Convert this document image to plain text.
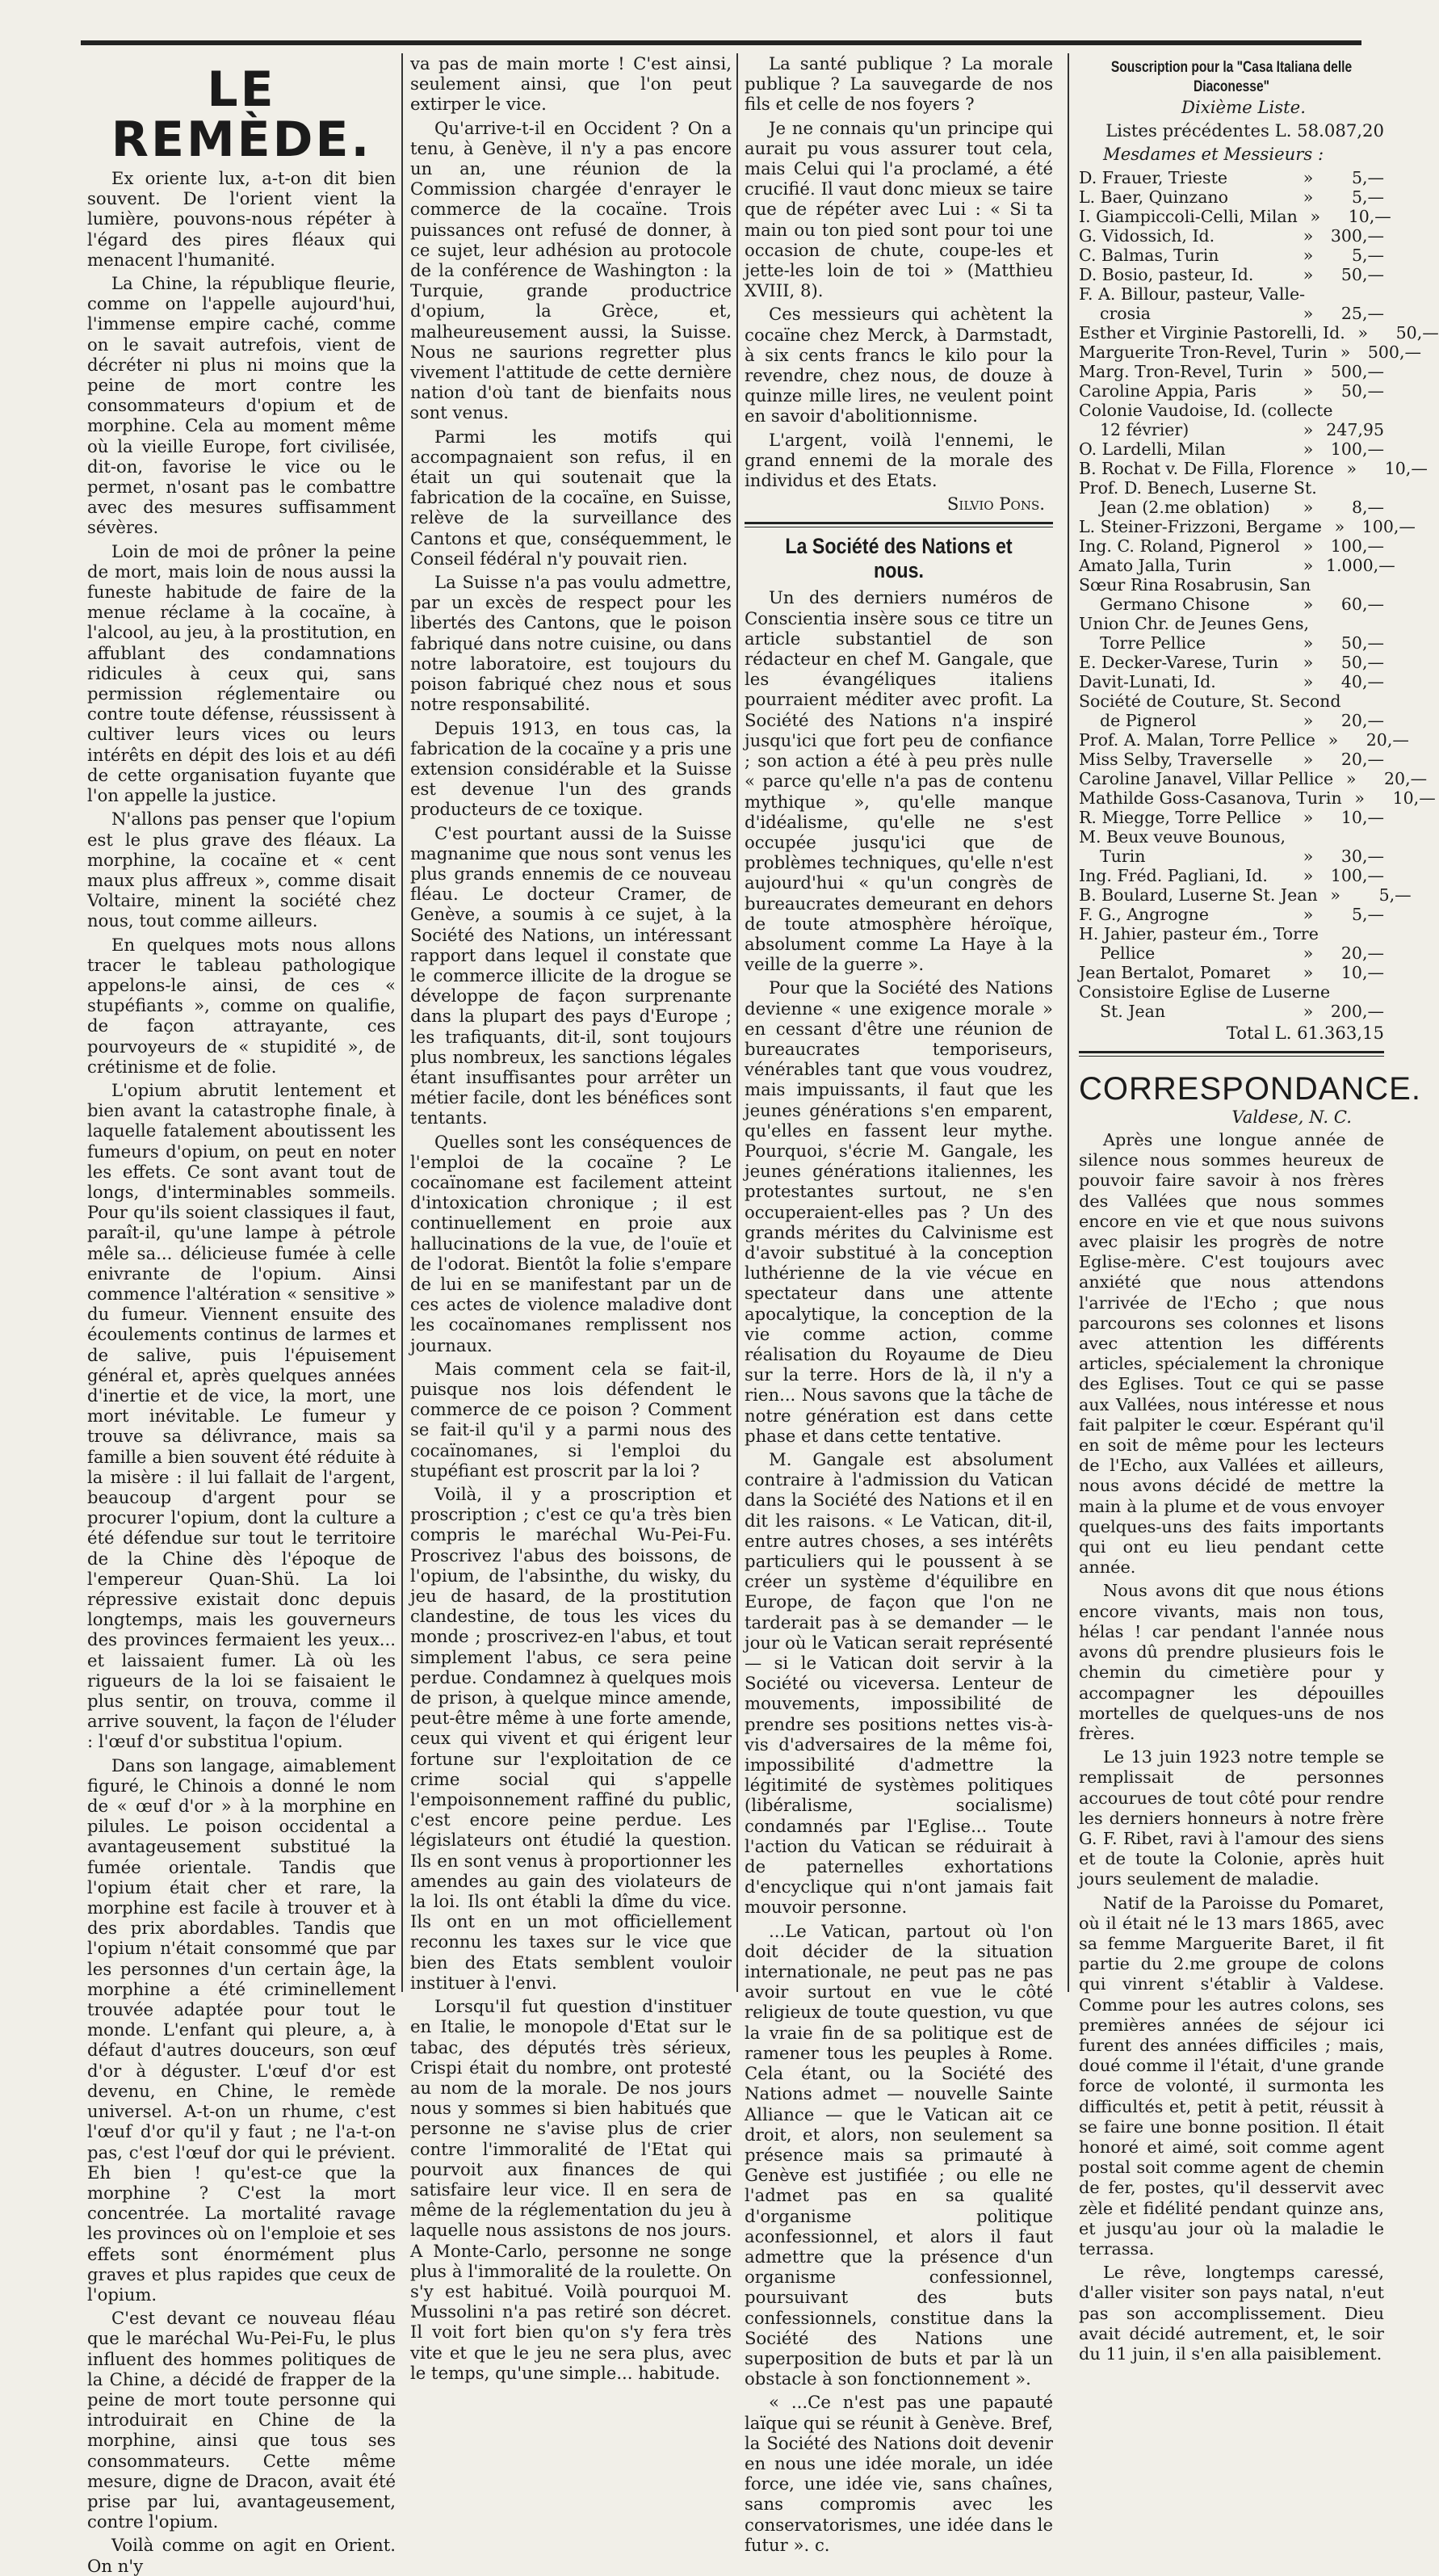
LE REMÈDE.

Ex oriente lux, a-t-on dit bien souvent. De l'orient vient la lumière, pouvons-nous répéter à l'égard des pires fléaux qui menacent l'humanité.

La Chine, la république fleurie, comme on l'appelle aujourd'hui, l'immense empire caché, comme on le savait autrefois, vient de décréter ni plus ni moins que la peine de mort contre les consommateurs d'opium et de morphine. Cela au moment même où la vieille Europe, fort civilisée, dit-on, favorise le vice ou le permet, n'osant pas le combattre avec des mesures suffisamment sévères.

Loin de moi de prôner la peine de mort, mais loin de nous aussi la funeste habitude de faire de la menue réclame à la cocaïne, à l'alcool, au jeu, à la prostitution, en affublant des condamnations ridicules à ceux qui, sans permission réglementaire ou contre toute défense, réussissent à cultiver leurs vices ou leurs intérêts en dépit des lois et au défi de cette organisation fuyante que l'on appelle la justice.

N'allons pas penser que l'opium est le plus grave des fléaux. La morphine, la cocaïne et « cent maux plus affreux », comme disait Voltaire, minent la société chez nous, tout comme ailleurs.

En quelques mots nous allons tracer le tableau pathologique appelons-le ainsi, de ces « stupéfiants », comme on qualifie, de façon attrayante, ces pourvoyeurs de « stupidité », de crétinisme et de folie.

L'opium abrutit lentement et bien avant la catastrophe finale, à laquelle fatalement aboutissent les fumeurs d'opium, on peut en noter les effets. Ce sont avant tout de longs, d'interminables sommeils. Pour qu'ils soient classiques il faut, paraît-il, qu'une lampe à pétrole mêle sa... délicieuse fumée à celle enivrante de l'opium. Ainsi commence l'altération « sensitive » du fumeur. Viennent ensuite des écoulements continus de larmes et de salive, puis l'épuisement général et, après quelques années d'inertie et de vice, la mort, une mort inévitable. Le fumeur y trouve sa délivrance, mais sa famille a bien souvent été réduite à la misère : il lui fallait de l'argent, beaucoup d'argent pour se procurer l'opium, dont la culture a été défendue sur tout le territoire de la Chine dès l'époque de l'empereur Quan-Shü. La loi répressive existait donc depuis longtemps, mais les gouverneurs des provinces fermaient les yeux... et laissaient fumer. Là où les rigueurs de la loi se faisaient le plus sentir, on trouva, comme il arrive souvent, la façon de l'éluder : l'œuf d'or substitua l'opium.

Dans son langage, aimablement figuré, le Chinois a donné le nom de « œuf d'or » à la morphine en pilules. Le poison occidental a avantageusement substitué la fumée orientale. Tandis que l'opium était cher et rare, la morphine est facile à trouver et à des prix abordables. Tandis que l'opium n'était consommé que par les personnes d'un certain âge, la morphine a été criminellement trouvée adaptée pour tout le monde. L'enfant qui pleure, a, à défaut d'autres douceurs, son œuf d'or à déguster. L'œuf d'or est devenu, en Chine, le remède universel. A-t-on un rhume, c'est l'œuf d'or qu'il y faut ; ne l'a-t-on pas, c'est l'œuf dor qui le prévient. Eh bien ! qu'est-ce que la morphine ? C'est la mort concentrée. La mortalité ravage les provinces où on l'emploie et ses effets sont énormément plus graves et plus rapides que ceux de l'opium.

C'est devant ce nouveau fléau que le maréchal Wu-Pei-Fu, le plus influent des hommes politiques de la Chine, a décidé de frapper de la peine de mort toute personne qui introduirait en Chine de la morphine, ainsi que tous ses consommateurs. Cette même mesure, digne de Dracon, avait été prise par lui, avantageusement, contre l'opium.

Voilà comme on agit en Orient. On n'y

va pas de main morte ! C'est ainsi, seulement ainsi, que l'on peut extirper le vice.

Qu'arrive-t-il en Occident ? On a tenu, à Genève, il n'y a pas encore un an, une réunion de la Commission chargée d'enrayer le commerce de la cocaïne. Trois puissances ont refusé de donner, à ce sujet, leur adhésion au protocole de la conférence de Washington : la Turquie, grande productrice d'opium, la Grèce, et, malheureusement aussi, la Suisse. Nous ne saurions regretter plus vivement l'attitude de cette dernière nation d'où tant de bienfaits nous sont venus.

Parmi les motifs qui accompagnaient son refus, il en était un qui soutenait que la fabrication de la cocaïne, en Suisse, relève de la surveillance des Cantons et que, conséquemment, le Conseil fédéral n'y pouvait rien.

La Suisse n'a pas voulu admettre, par un excès de respect pour les libertés des Cantons, que le poison fabriqué dans notre cuisine, ou dans notre laboratoire, est toujours du poison fabriqué chez nous et sous notre responsabilité.

Depuis 1913, en tous cas, la fabrication de la cocaïne y a pris une extension considérable et la Suisse est devenue l'un des grands producteurs de ce toxique.

C'est pourtant aussi de la Suisse magnanime que nous sont venus les plus grands ennemis de ce nouveau fléau. Le docteur Cramer, de Genève, a soumis à ce sujet, à la Société des Nations, un intéressant rapport dans lequel il constate que le commerce illicite de la drogue se développe de façon surprenante dans la plupart des pays d'Europe ; les trafiquants, dit-il, sont toujours plus nombreux, les sanctions légales étant insuffisantes pour arrêter un métier facile, dont les bénéfices sont tentants.

Quelles sont les conséquences de l'emploi de la cocaïne ? Le cocaïnomane est facilement atteint d'intoxication chronique ; il est continuellement en proie aux hallucinations de la vue, de l'ouïe et de l'odorat. Bientôt la folie s'empare de lui en se manifestant par un de ces actes de violence maladive dont les cocaïnomanes remplissent nos journaux.

Mais comment cela se fait-il, puisque nos lois défendent le commerce de ce poison ? Comment se fait-il qu'il y a parmi nous des cocaïnomanes, si l'emploi du stupéfiant est proscrit par la loi ?

Voilà, il y a proscription et proscription ; c'est ce qu'a très bien compris le maréchal Wu-Pei-Fu. Proscrivez l'abus des boissons, de l'opium, de l'absinthe, du wisky, du jeu de hasard, de la prostitution clandestine, de tous les vices du monde ; proscrivez-en l'abus, et tout simplement l'abus, ce sera peine perdue. Condamnez à quelques mois de prison, à quelque mince amende, peut-être même à une forte amende, ceux qui vivent et qui érigent leur fortune sur l'exploitation de ce crime social qui s'appelle l'empoisonnement raffiné du public, c'est encore peine perdue. Les législateurs ont étudié la question. Ils en sont venus à proportionner les amendes au gain des violateurs de la loi. Ils ont établi la dîme du vice. Ils ont en un mot officiellement reconnu les taxes sur le vice que bien des Etats semblent vouloir instituer à l'envi.

Lorsqu'il fut question d'instituer en Italie, le monopole d'Etat sur le tabac, des députés très sérieux, Crispi était du nombre, ont protesté au nom de la morale. De nos jours nous y sommes si bien habitués que personne ne s'avise plus de crier contre l'immoralité de l'Etat qui pourvoit aux finances de qui satisfaire leur vice. Il en sera de même de la réglementation du jeu à laquelle nous assistons de nos jours. A Monte-Carlo, personne ne songe plus à l'immoralité de la roulette. On s'y est habitué. Voilà pourquoi M. Mussolini n'a pas retiré son décret. Il voit fort bien qu'on s'y fera très vite et que le jeu ne sera plus, avec le temps, qu'une simple... habitude.

La santé publique ? La morale publique ? La sauvegarde de nos fils et celle de nos foyers ?

Je ne connais qu'un principe qui aurait pu vous assurer tout cela, mais Celui qui l'a proclamé, a été crucifié. Il vaut donc mieux se taire que de répéter avec Lui : « Si ta main ou ton pied sont pour toi une occasion de chute, coupe-les et jette-les loin de toi » (Matthieu XVIII, 8).

Ces messieurs qui achètent la cocaïne chez Merck, à Darmstadt, à six cents francs le kilo pour la revendre, chez nous, de douze à quinze mille lires, ne veulent point en savoir d'abolitionnisme.

L'argent, voilà l'ennemi, le grand ennemi de la morale des individus et des Etats.

Silvio Pons.
La Société des Nations et nous.

Un des derniers numéros de Conscientia insère sous ce titre un article substantiel de son rédacteur en chef M. Gangale, que les évangéliques italiens pourraient méditer avec profit. La Société des Nations n'a inspiré jusqu'ici que fort peu de confiance ; son action a été à peu près nulle « parce qu'elle n'a pas de contenu mythique », qu'elle manque d'idéalisme, qu'elle ne s'est occupée jusqu'ici que de problèmes techniques, qu'elle n'est aujourd'hui « qu'un congrès de bureaucrates demeurant en dehors de toute atmosphère héroïque, absolument comme La Haye à la veille de la guerre ».

Pour que la Société des Nations devienne « une exigence morale » en cessant d'être une réunion de bureaucrates temporiseurs, vénérables tant que vous voudrez, mais impuissants, il faut que les jeunes générations s'en emparent, qu'elles en fassent leur mythe. Pourquoi, s'écrie M. Gangale, les jeunes générations italiennes, les protestantes surtout, ne s'en occuperaient-elles pas ? Un des grands mérites du Calvinisme est d'avoir substitué à la conception luthérienne de la vie vécue en spectateur dans une attente apocalytique, la conception de la vie comme action, comme réalisation du Royaume de Dieu sur la terre. Hors de là, il n'y a rien... Nous savons que la tâche de notre génération est dans cette phase et dans cette tentative.

M. Gangale est absolument contraire à l'admission du Vatican dans la Société des Nations et il en dit les raisons. « Le Vatican, dit-il, entre autres choses, a ses intérêts particuliers qui le poussent à se créer un système d'équilibre en Europe, de façon que l'on ne tarderait pas à se demander — le jour où le Vatican serait représenté — si le Vatican doit servir à la Société ou viceversa. Lenteur de mouvements, impossibilité de prendre ses positions nettes vis-à-vis d'adversaires de la même foi, impossibilité d'admettre la légitimité de systèmes politiques (libéralisme, socialisme) condamnés par l'Eglise... Toute l'action du Vatican se réduirait à de paternelles exhortations d'encyclique qui n'ont jamais fait mouvoir personne.

...Le Vatican, partout où l'on doit décider de la situation internationale, ne peut pas ne pas avoir surtout en vue le côté religieux de toute question, vu que la vraie fin de sa politique est de ramener tous les peuples à Rome. Cela étant, ou la Société des Nations admet — nouvelle Sainte Alliance — que le Vatican ait ce droit, et alors, non seulement sa présence mais sa primauté à Genève est justifiée ; ou elle ne l'admet pas en sa qualité d'organisme politique aconfessionnel, et alors il faut admettre que la présence d'un organisme confessionnel, poursuivant des buts confessionnels, constitue dans la Société des Nations une superposition de buts et par là un obstacle à son fonctionnement ».

« ...Ce n'est pas une papauté laïque qui se réunit à Genève. Bref, la Société des Nations doit devenir en nous une idée morale, un idée force, une idée vie, sans chaînes, sans compromis avec les conservatorismes, une idée dans le futur ». c.

Souscription pour la "Casa Italiana delle Diaconesse"

Dixième Liste.

Listes précédentes L. 58.087,20

Mesdames et Messieurs :

D. Frauer, Trieste	»	5,—
L. Baer, Quinzano	»	5,—
I. Giampiccoli-Celli, Milan »	10,—
G. Vidossich, Id.	»	300,—
C. Balmas, Turin	»	5,—
D. Bosio, pasteur, Id.	»	50,—
F. A. Billour, pasteur, Valle-
crosia	»	25,—
Esther et Virginie Pastorelli, Id. »	50,—
Marguerite Tron-Revel, Turin »	500,—
Marg. Tron-Revel, Turin	»	500,—
Caroline Appia, Paris	»	50,—
Colonie Vaudoise, Id. (collecte
12 février)	» 247,95
O. Lardelli, Milan	»	100,—
B. Rochat v. De Filla, Florence »	10,—
Prof. D. Benech, Luserne St.
Jean (2.me oblation)	»	8,—
L. Steiner-Frizzoni, Bergame »	100,—
Ing. C. Roland, Pignerol	»	100,—
Amato Jalla, Turin	» 1.000,—
Sœur Rina Rosabrusin, San
Germano Chisone	»	60,—
Union Chr. de Jeunes Gens,
Torre Pellice	»	50,—
E. Decker-Varese, Turin	»	50,—
Davit-Lunati, Id.	»	40,—
Société de Couture, St. Second
de Pignerol	»	20,—
Prof. A. Malan, Torre Pellice »	20,—
Miss Selby, Traverselle	»	20,—
Caroline Janavel, Villar Pellice »	20,—
Mathilde Goss-Casanova, Turin »	10,—
R. Miegge, Torre Pellice	»	10,—
M. Beux veuve Bounous,
Turin	»	30,—
Ing. Fréd. Pagliani, Id.	»	100,—
B. Boulard, Luserne St. Jean »	5,—
F. G., Angrogne	»	5,—
H. Jahier, pasteur ém., Torre
Pellice	»	20,—
Jean Bertalot, Pomaret	»	10,—
Consistoire Eglise de Luserne
St. Jean	»	200,—
Total L. 61.363,15
CORRESPONDANCE.
Valdese, N. C.

Après une longue année de silence nous sommes heureux de pouvoir faire savoir à nos frères des Vallées que nous sommes encore en vie et que nous suivons avec plaisir les progrès de notre Eglise-mère. C'est toujours avec anxiété que nous attendons l'arrivée de l'Echo ; que nous parcourons ses colonnes et lisons avec attention les différents articles, spécialement la chronique des Eglises. Tout ce qui se passe aux Vallées, nous intéresse et nous fait palpiter le cœur. Espérant qu'il en soit de même pour les lecteurs de l'Echo, aux Vallées et ailleurs, nous avons décidé de mettre la main à la plume et de vous envoyer quelques-uns des faits importants qui ont eu lieu pendant cette année.

Nous avons dit que nous étions encore vivants, mais non tous, hélas ! car pendant l'année nous avons dû prendre plusieurs fois le chemin du cimetière pour y accompagner les dépouilles mortelles de quelques-uns de nos frères.

Le 13 juin 1923 notre temple se remplissait de personnes accourues de tout côté pour rendre les derniers honneurs à notre frère G. F. Ribet, ravi à l'amour des siens et de toute la Colonie, après huit jours seulement de maladie.

Natif de la Paroisse du Pomaret, où il était né le 13 mars 1865, avec sa femme Marguerite Baret, il fit partie du 2.me groupe de colons qui vinrent s'établir à Valdese. Comme pour les autres colons, ses premières années de séjour ici furent des années difficiles ; mais, doué comme il l'était, d'une grande force de volonté, il surmonta les difficultés et, petit à petit, réussit à se faire une bonne position. Il était honoré et aimé, soit comme agent postal soit comme agent de chemin de fer, postes, qu'il desservit avec zèle et fidélité pendant quinze ans, et jusqu'au jour où la maladie le terrassa.

Le rêve, longtemps caressé, d'aller visiter son pays natal, n'eut pas son accomplissement. Dieu avait décidé autrement, et, le soir du 11 juin, il s'en alla paisiblement.
